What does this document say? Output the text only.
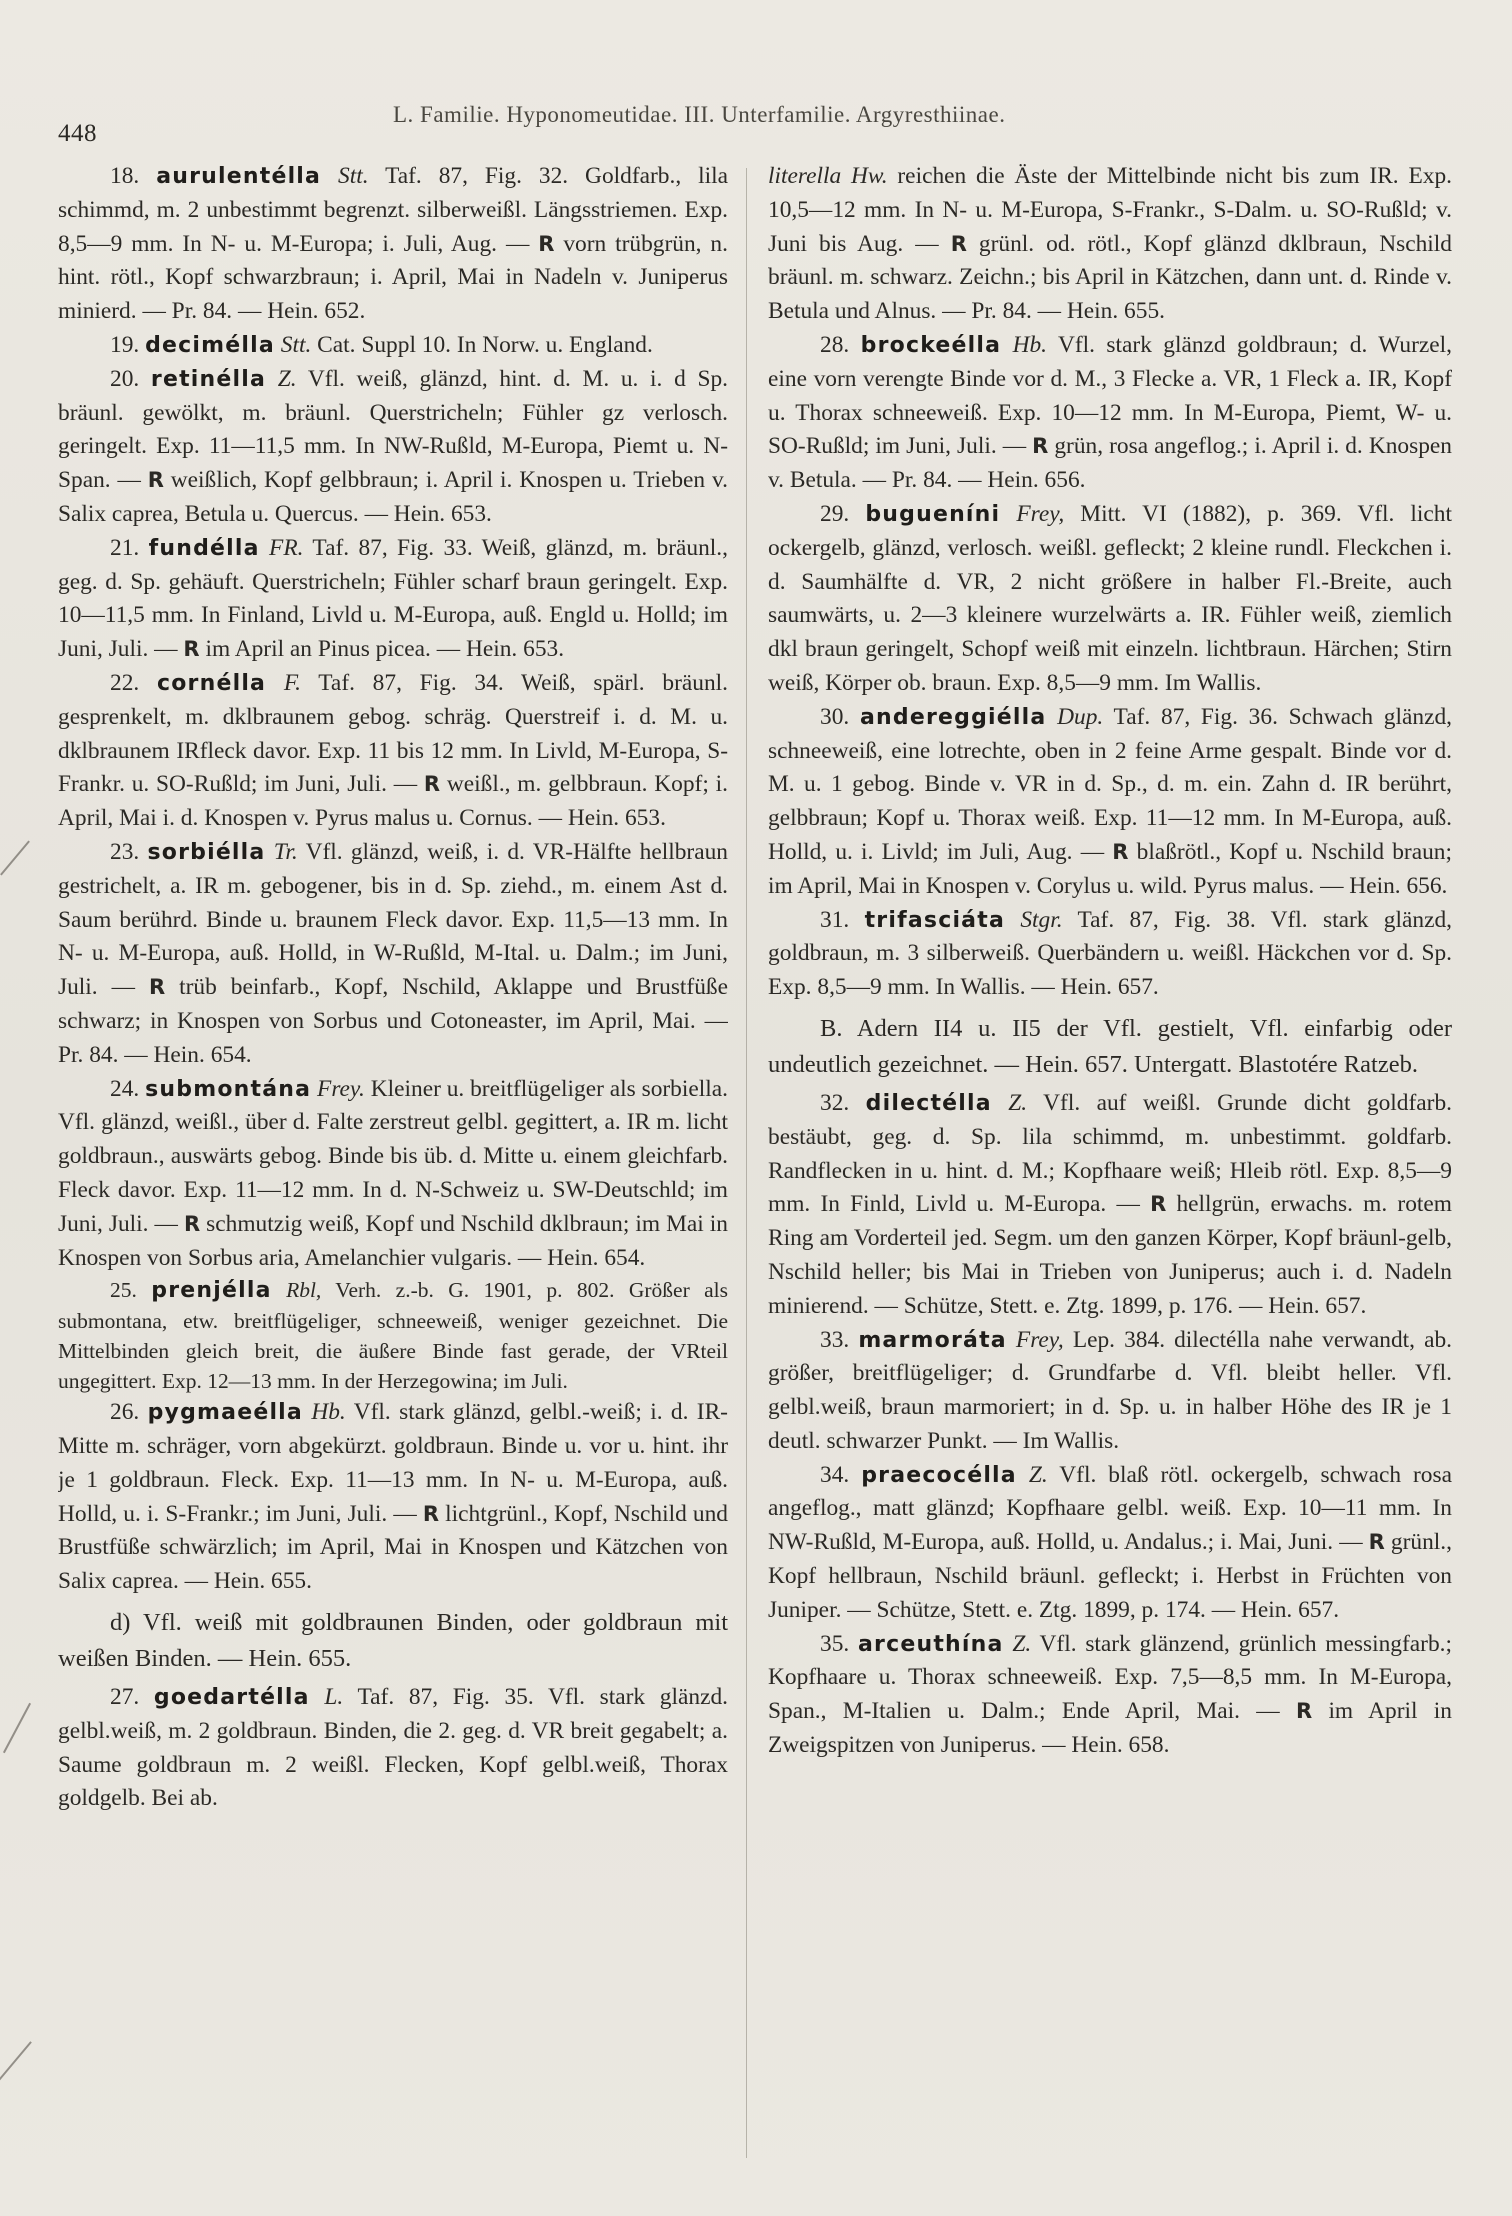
448
L. Familie. Hyponomeutidae. III. Unterfamilie. Argyresthiinae.

18. aurulentélla Stt. Taf. 87, Fig. 32. Goldfarb., lila schimmd, m. 2 unbestimmt begrenzt. silberweißl. Längsstriemen. Exp. 8,5—9 mm. In N- u. M-Europa; i. Juli, Aug. — R vorn trübgrün, n. hint. rötl., Kopf schwarzbraun; i. April, Mai in Nadeln v. Juniperus minierd. — Pr. 84. — Hein. 652.

19. deciméllа Stt. Cat. Suppl 10. In Norw. u. England.

20. retinélla Z. Vfl. weiß, glänzd, hint. d. M. u. i. d Sp. bräunl. gewölkt, m. bräunl. Querstricheln; Fühler gz verlosch. geringelt. Exp. 11—11,5 mm. In NW-Rußld, M-Europa, Piemt u. N-Span. — R weißlich, Kopf gelbbraun; i. April i. Knospen u. Trieben v. Salix caprea, Betula u. Quercus. — Hein. 653.

21. fundélla FR. Taf. 87, Fig. 33. Weiß, glänzd, m. bräunl., geg. d. Sp. gehäuft. Querstricheln; Fühler scharf braun geringelt. Exp. 10—11,5 mm. In Finland, Livld u. M-Europa, auß. Engld u. Holld; im Juni, Juli. — R im April an Pinus picea. — Hein. 653.

22. cornélla F. Taf. 87, Fig. 34. Weiß, spärl. bräunl. gesprenkelt, m. dklbraunem gebog. schräg. Querstreif i. d. M. u. dklbraunem IRfleck davor. Exp. 11 bis 12 mm. In Livld, M-Europa, S-Frankr. u. SO-Rußld; im Juni, Juli. — R weißl., m. gelbbraun. Kopf; i. April, Mai i. d. Knospen v. Pyrus malus u. Cornus. — Hein. 653.

23. sorbiélla Tr. Vfl. glänzd, weiß, i. d. VR-Hälfte hellbraun gestrichelt, a. IR m. gebogener, bis in d. Sp. ziehd., m. einem Ast d. Saum berührd. Binde u. braunem Fleck davor. Exp. 11,5—13 mm. In N- u. M-Europa, auß. Holld, in W-Rußld, M-Ital. u. Dalm.; im Juni, Juli. — R trüb beinfarb., Kopf, Nschild, Aklappe und Brustfüße schwarz; in Knospen von Sorbus und Cotoneaster, im April, Mai. — Pr. 84. — Hein. 654.

24. submontána Frey. Kleiner u. breitflügeliger als sorbiella. Vfl. glänzd, weißl., über d. Falte zerstreut gelbl. gegittert, a. IR m. licht goldbraun., auswärts gebog. Binde bis üb. d. Mitte u. einem gleichfarb. Fleck davor. Exp. 11—12 mm. In d. N-Schweiz u. SW-Deutschld; im Juni, Juli. — R schmutzig weiß, Kopf und Nschild dklbraun; im Mai in Knospen von Sorbus aria, Amelanchier vulgaris. — Hein. 654.

25. prenjélla Rbl, Verh. z.-b. G. 1901, p. 802. Größer als submontana, etw. breitflügeliger, schneeweiß, weniger gezeichnet. Die Mittelbinden gleich breit, die äußere Binde fast gerade, der VRteil ungegittert. Exp. 12—13 mm. In der Herzegowina; im Juli.

26. pygmaeélla Hb. Vfl. stark glänzd, gelbl.-weiß; i. d. IR-Mitte m. schräger, vorn abgekürzt. goldbraun. Binde u. vor u. hint. ihr je 1 goldbraun. Fleck. Exp. 11—13 mm. In N- u. M-Europa, auß. Holld, u. i. S-Frankr.; im Juni, Juli. — R lichtgrünl., Kopf, Nschild und Brustfüße schwärzlich; im April, Mai in Knospen und Kätzchen von Salix caprea. — Hein. 655.

d) Vfl. weiß mit goldbraunen Binden, oder goldbraun mit weißen Binden. — Hein. 655.

27. goedartélla L. Taf. 87, Fig. 35. Vfl. stark glänzd. gelbl.weiß, m. 2 goldbraun. Binden, die 2. geg. d. VR breit gegabelt; a. Saume goldbraun m. 2 weißl. Flecken, Kopf gelbl.weiß, Thorax goldgelb. Bei ab.

literella Hw. reichen die Äste der Mittelbinde nicht bis zum IR. Exp. 10,5—12 mm. In N- u. M-Europa, S-Frankr., S-Dalm. u. SO-Rußld; v. Juni bis Aug. — R grünl. od. rötl., Kopf glänzd dklbraun, Nschild bräunl. m. schwarz. Zeichn.; bis April in Kätzchen, dann unt. d. Rinde v. Betula und Alnus. — Pr. 84. — Hein. 655.

28. brockeélla Hb. Vfl. stark glänzd goldbraun; d. Wurzel, eine vorn verengte Binde vor d. M., 3 Flecke a. VR, 1 Fleck a. IR, Kopf u. Thorax schneeweiß. Exp. 10—12 mm. In M-Europa, Piemt, W- u. SO-Rußld; im Juni, Juli. — R grün, rosa angeflog.; i. April i. d. Knospen v. Betula. — Pr. 84. — Hein. 656.

29. bugueníni Frey, Mitt. VI (1882), p. 369. Vfl. licht ockergelb, glänzd, verlosch. weißl. gefleckt; 2 kleine rundl. Fleckchen i. d. Saumhälfte d. VR, 2 nicht größere in halber Fl.-Breite, auch saumwärts, u. 2—3 kleinere wurzelwärts a. IR. Fühler weiß, ziemlich dkl braun geringelt, Schopf weiß mit einzeln. lichtbraun. Härchen; Stirn weiß, Körper ob. braun. Exp. 8,5—9 mm. Im Wallis.

30. andereggiélla Dup. Taf. 87, Fig. 36. Schwach glänzd, schneeweiß, eine lotrechte, oben in 2 feine Arme gespalt. Binde vor d. M. u. 1 gebog. Binde v. VR in d. Sp., d. m. ein. Zahn d. IR berührt, gelbbraun; Kopf u. Thorax weiß. Exp. 11—12 mm. In M-Europa, auß. Holld, u. i. Livld; im Juli, Aug. — R blaßrötl., Kopf u. Nschild braun; im April, Mai in Knospen v. Corylus u. wild. Pyrus malus. — Hein. 656.

31. trifasciáta Stgr. Taf. 87, Fig. 38. Vfl. stark glänzd, goldbraun, m. 3 silberweiß. Querbändern u. weißl. Häckchen vor d. Sp. Exp. 8,5—9 mm. In Wallis. — Hein. 657.

B. Adern II4 u. II5 der Vfl. gestielt, Vfl. einfarbig oder undeutlich gezeichnet. — Hein. 657. Untergatt. Blastotére Ratzeb.

32. dilectélla Z. Vfl. auf weißl. Grunde dicht goldfarb. bestäubt, geg. d. Sp. lila schimmd, m. unbestimmt. goldfarb. Randflecken in u. hint. d. M.; Kopfhaare weiß; Hleib rötl. Exp. 8,5—9 mm. In Finld, Livld u. M-Europa. — R hellgrün, erwachs. m. rotem Ring am Vorderteil jed. Segm. um den ganzen Körper, Kopf bräunl-gelb, Nschild heller; bis Mai in Trieben von Juniperus; auch i. d. Nadeln minierend. — Schütze, Stett. e. Ztg. 1899, p. 176. — Hein. 657.

33. marmoráta Frey, Lep. 384. dilectélla nahe verwandt, ab. größer, breitflügeliger; d. Grundfarbe d. Vfl. bleibt heller. Vfl. gelbl.weiß, braun marmoriert; in d. Sp. u. in halber Höhe des IR je 1 deutl. schwarzer Punkt. — Im Wallis.

34. praecocélla Z. Vfl. blaß rötl. ockergelb, schwach rosa angeflog., matt glänzd; Kopfhaare gelbl. weiß. Exp. 10—11 mm. In NW-Rußld, M-Europa, auß. Holld, u. Andalus.; i. Mai, Juni. — R grünl., Kopf hellbraun, Nschild bräunl. gefleckt; i. Herbst in Früchten von Juniper. — Schütze, Stett. e. Ztg. 1899, p. 174. — Hein. 657.

35. arceuthína Z. Vfl. stark glänzend, grünlich messingfarb.; Kopfhaare u. Thorax schneeweiß. Exp. 7,5—8,5 mm. In M-Europa, Span., M-Italien u. Dalm.; Ende April, Mai. — R im April in Zweigspitzen von Juniperus. — Hein. 658.
